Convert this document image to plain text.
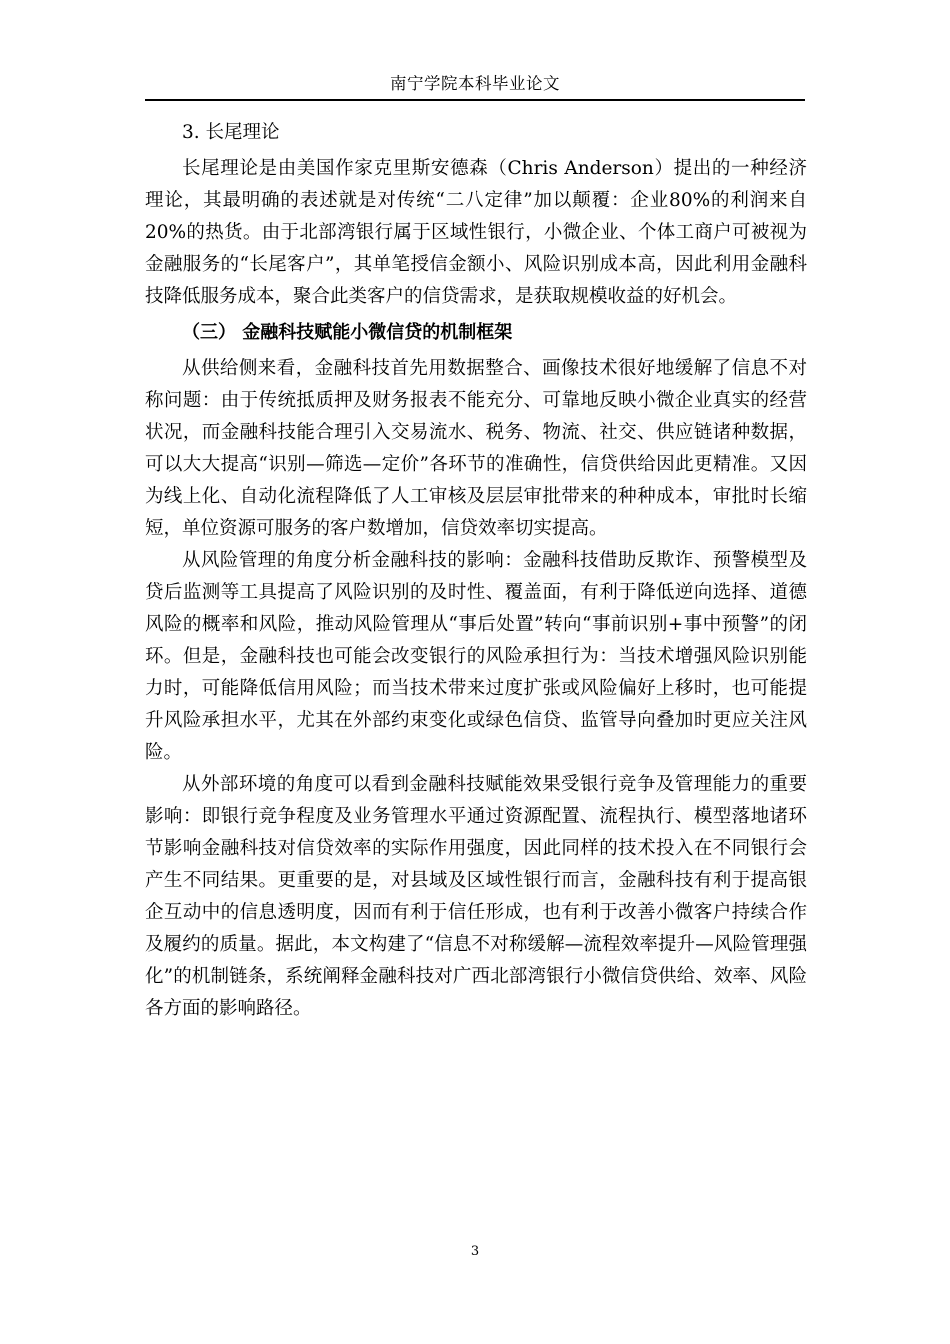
南宁学院本科毕业论文
3. 长尾理论

长尾理论是由美国作家克里斯安德森（Chris Anderson）提出的一种经济理论，其最明确的表述就是对传统“二八定律”加以颠覆：企业80%的利润来自20%的热货。由于北部湾银行属于区域性银行，小微企业、个体工商户可被视为金融服务的“长尾客户”，其单笔授信金额小、风险识别成本高，因此利用金融科技降低服务成本，聚合此类客户的信贷需求，是获取规模收益的好机会。

（三） 金融科技赋能小微信贷的机制框架

从供给侧来看，金融科技首先用数据整合、画像技术很好地缓解了信息不对称问题：由于传统抵质押及财务报表不能充分、可靠地反映小微企业真实的经营状况，而金融科技能合理引入交易流水、税务、物流、社交、供应链诸种数据，可以大大提高“识别—筛选—定价”各环节的准确性，信贷供给因此更精准。又因为线上化、自动化流程降低了人工审核及层层审批带来的种种成本，审批时长缩短，单位资源可服务的客户数增加，信贷效率切实提高。

从风险管理的角度分析金融科技的影响：金融科技借助反欺诈、预警模型及贷后监测等工具提高了风险识别的及时性、覆盖面，有利于降低逆向选择、道德风险的概率和风险，推动风险管理从“事后处置”转向“事前识别+事中预警”的闭环。但是，金融科技也可能会改变银行的风险承担行为：当技术增强风险识别能力时，可能降低信用风险；而当技术带来过度扩张或风险偏好上移时，也可能提升风险承担水平，尤其在外部约束变化或绿色信贷、监管导向叠加时更应关注风险。

从外部环境的角度可以看到金融科技赋能效果受银行竞争及管理能力的重要影响：即银行竞争程度及业务管理水平通过资源配置、流程执行、模型落地诸环节影响金融科技对信贷效率的实际作用强度，因此同样的技术投入在不同银行会产生不同结果。更重要的是，对县域及区域性银行而言，金融科技有利于提高银企互动中的信息透明度，因而有利于信任形成，也有利于改善小微客户持续合作及履约的质量。据此，本文构建了“信息不对称缓解—流程效率提升—风险管理强化”的机制链条，系统阐释金融科技对广西北部湾银行小微信贷供给、效率、风险各方面的影响路径。

3
